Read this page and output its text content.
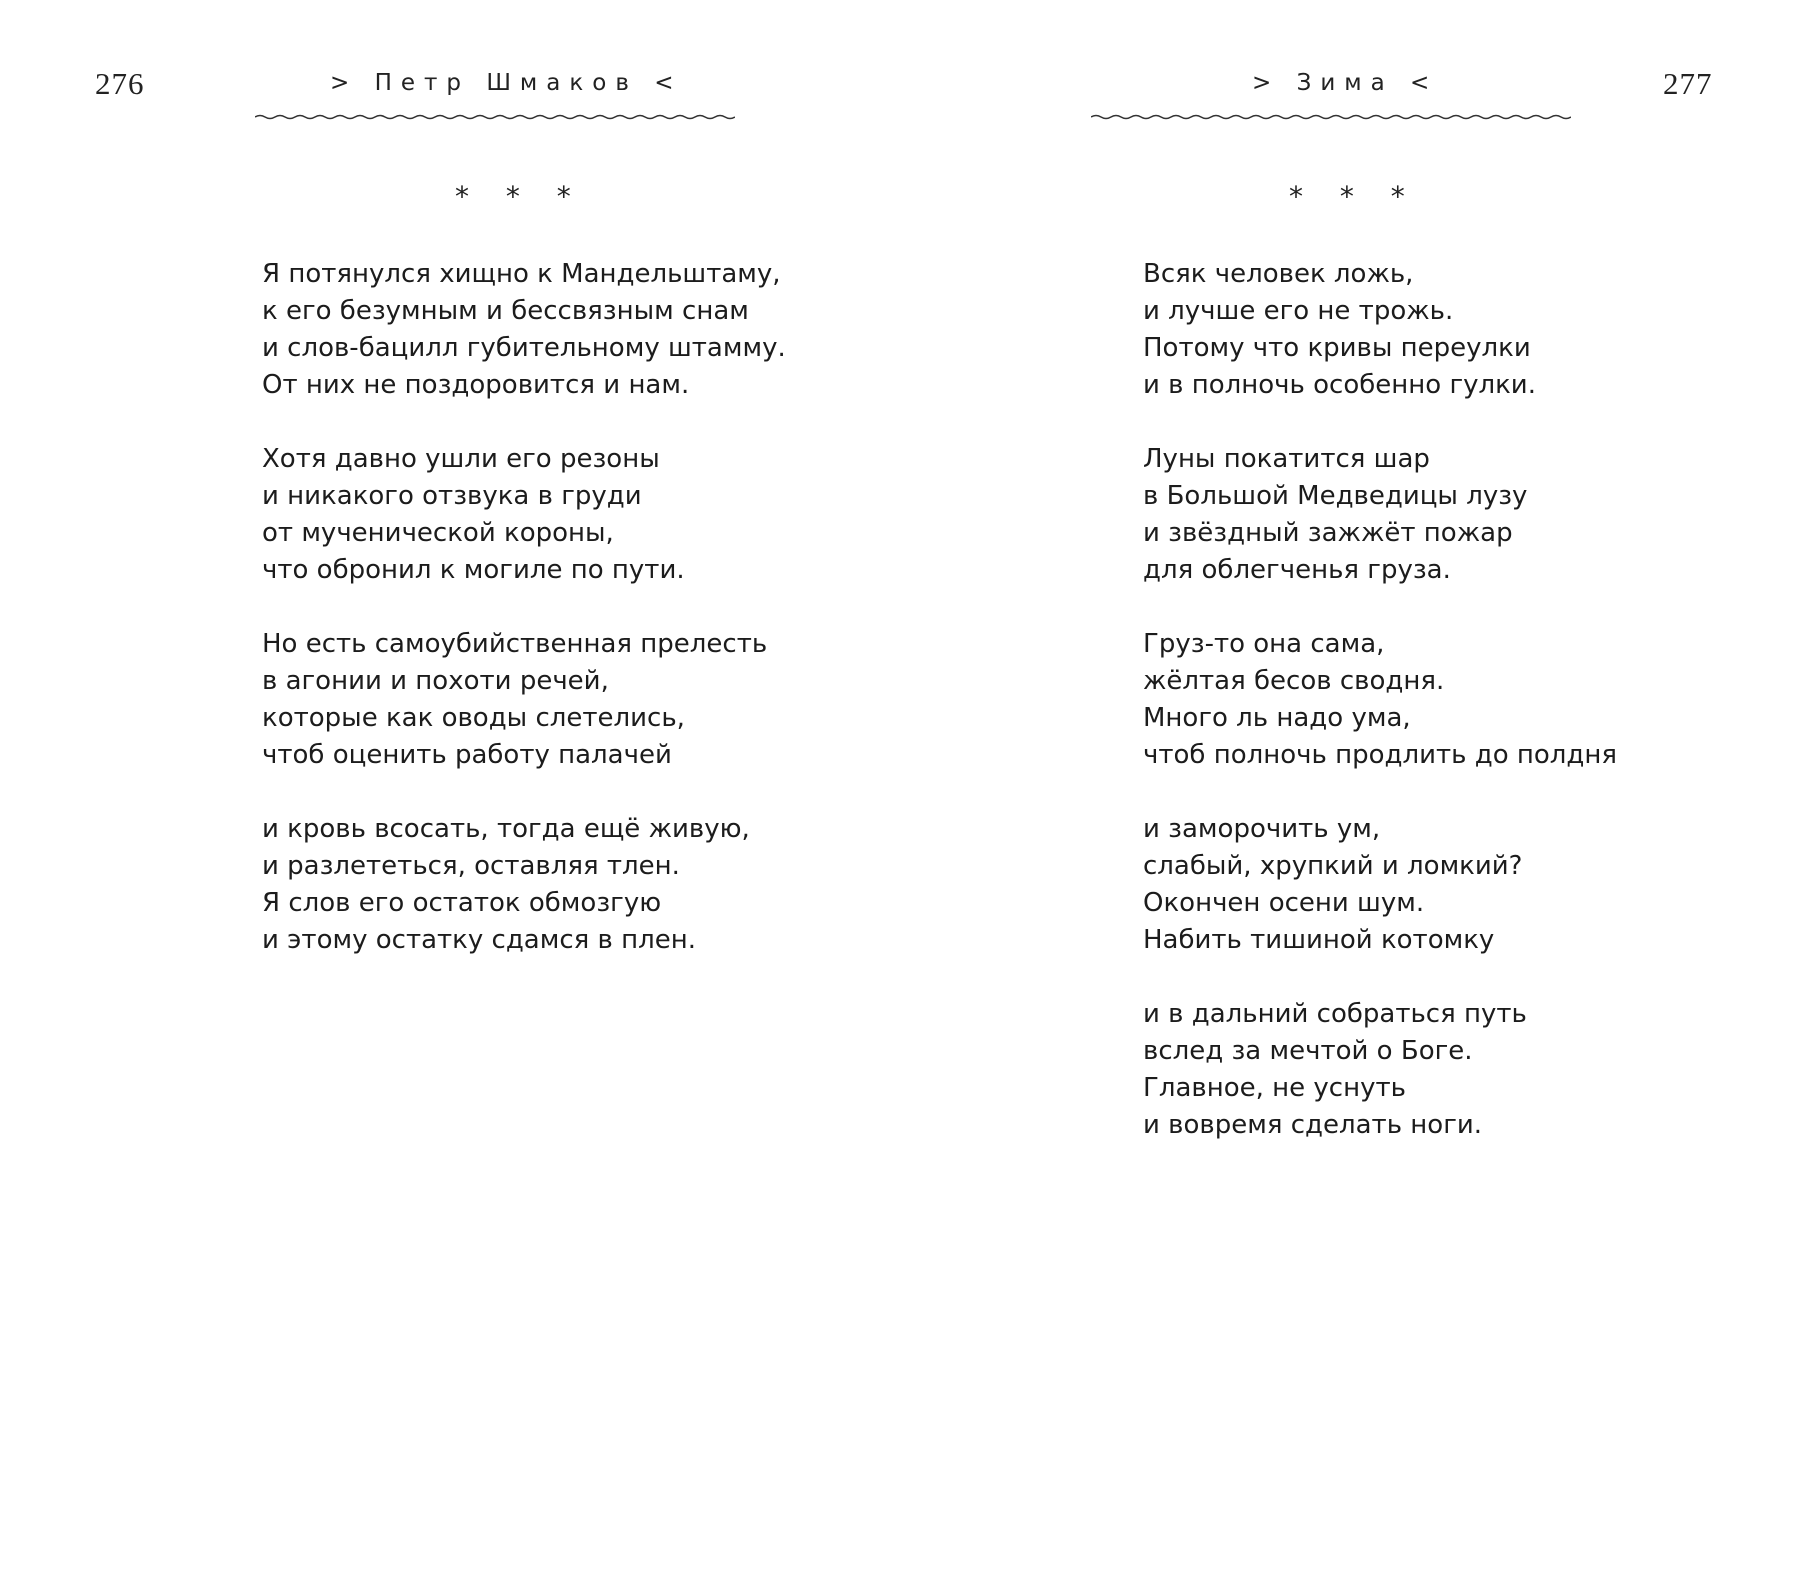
276	> Петр Шмаков <
* * *
Я потянулся хищно к Мандельштаму,
к его безумным и бессвязным снам
и слов-бацилл губительному штамму.
От них не поздоровится и нам.
Хотя давно ушли его резоны
и никакого отзвука в груди
от мученической короны,
что обронил к могиле по пути.
Но есть самоубийственная прелесть
в агонии и похоти речей,
которые как оводы слетелись,
чтоб оценить работу палачей
и кровь всосать, тогда ещё живую,
и разлететься, оставляя тлен.
Я слов его остаток обмозгую
и этому остатку сдамся в плен.
277
> Зима <
* * *
Всяк человек ложь,
и лучше его не трожь.
Потому что кривы переулки
и в полночь особенно гулки.
Луны покатится шар
в Большой Медведицы лузу
и звёздный зажжёт пожар
для облегченья груза.
Груз-то она сама,
жёлтая бесов сводня.
Много ль надо ума,
чтоб полночь продлить до полдня
и заморочить ум,
слабый, хрупкий и ломкий?
Окончен осени шум.
Набить тишиной котомку
и в дальний собраться путь
вслед за мечтой о Боге.
Главное, не уснуть
и вовремя сделать ноги.
